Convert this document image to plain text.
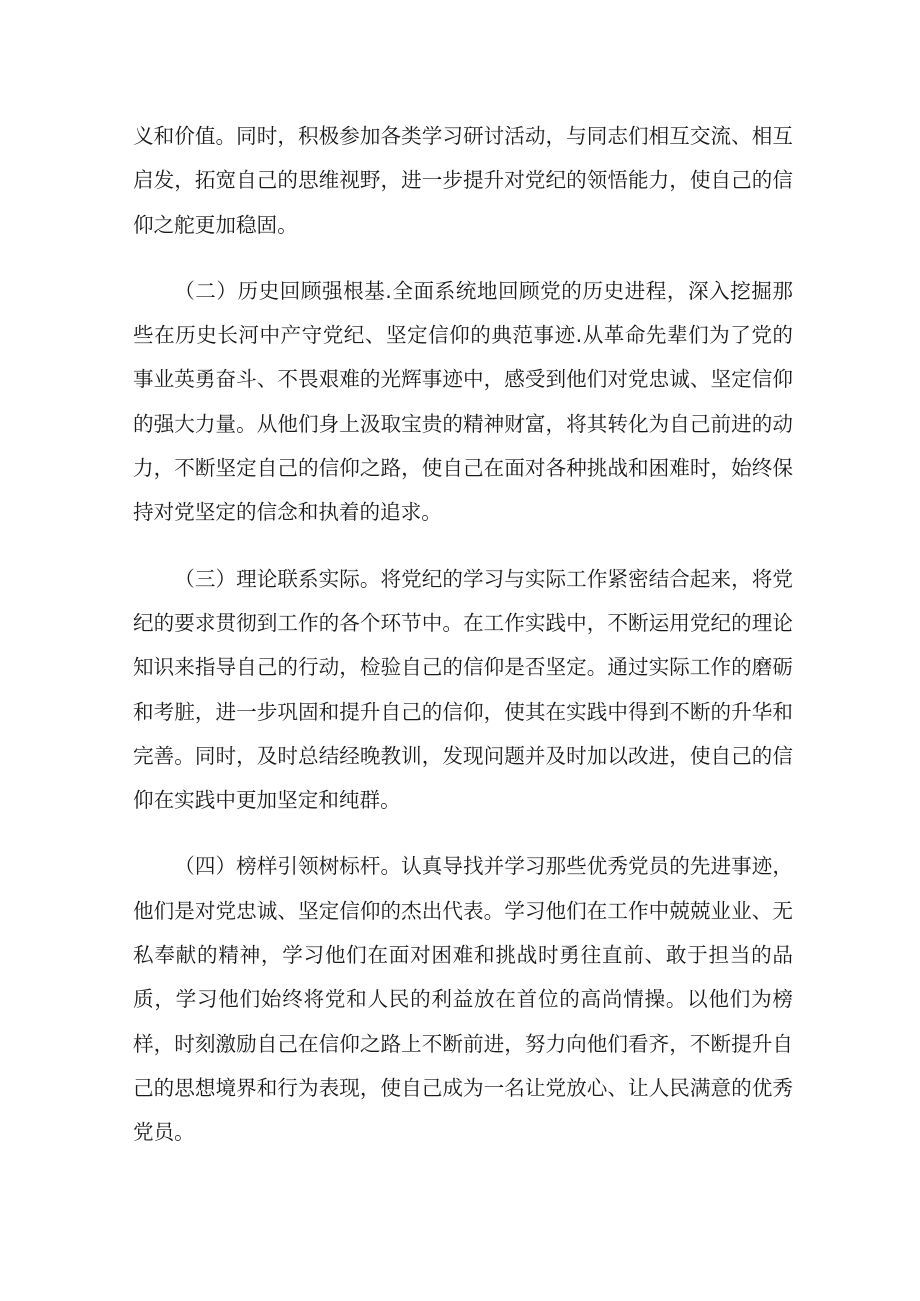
义和价值。同时，积极参加各类学习研讨活动，与同志们相互交流、相互启发，拓宽自己的思维视野，进一步提升对党纪的领悟能力，使自己的信仰之舵更加稳固。

（二）历史回顾强根基.全面系统地回顾党的历史进程，深入挖掘那些在历史长河中产守党纪、坚定信仰的典范事迹.从革命先辈们为了党的事业英勇奋斗、不畏艰难的光辉事迹中，感受到他们对党忠诚、坚定信仰的强大力量。从他们身上汲取宝贵的精神财富，将其转化为自己前进的动力，不断坚定自己的信仰之路，使自己在面对各种挑战和困难时，始终保持对党坚定的信念和执着的追求。

（三）理论联系实际。将党纪的学习与实际工作紧密结合起来，将党纪的要求贯彻到工作的各个环节中。在工作实践中，不断运用党纪的理论知识来指导自己的行动，检验自己的信仰是否坚定。通过实际工作的磨砺和考脏，进一步巩固和提升自己的信仰，使其在实践中得到不断的升华和完善。同时，及时总结经晚教训，发现问题并及时加以改进，使自己的信仰在实践中更加坚定和纯群。

（四）榜样引领树标杆。认真导找并学习那些优秀党员的先进事迹，他们是对党忠诚、坚定信仰的杰出代表。学习他们在工作中兢兢业业、无私奉献的精神，学习他们在面对困难和挑战时勇往直前、敢于担当的品质，学习他们始终将党和人民的利益放在首位的高尚情操。以他们为榜样，时刻激励自己在信仰之路上不断前进，努力向他们看齐，不断提升自己的思想境界和行为表现，使自己成为一名让党放心、让人民满意的优秀党员。
